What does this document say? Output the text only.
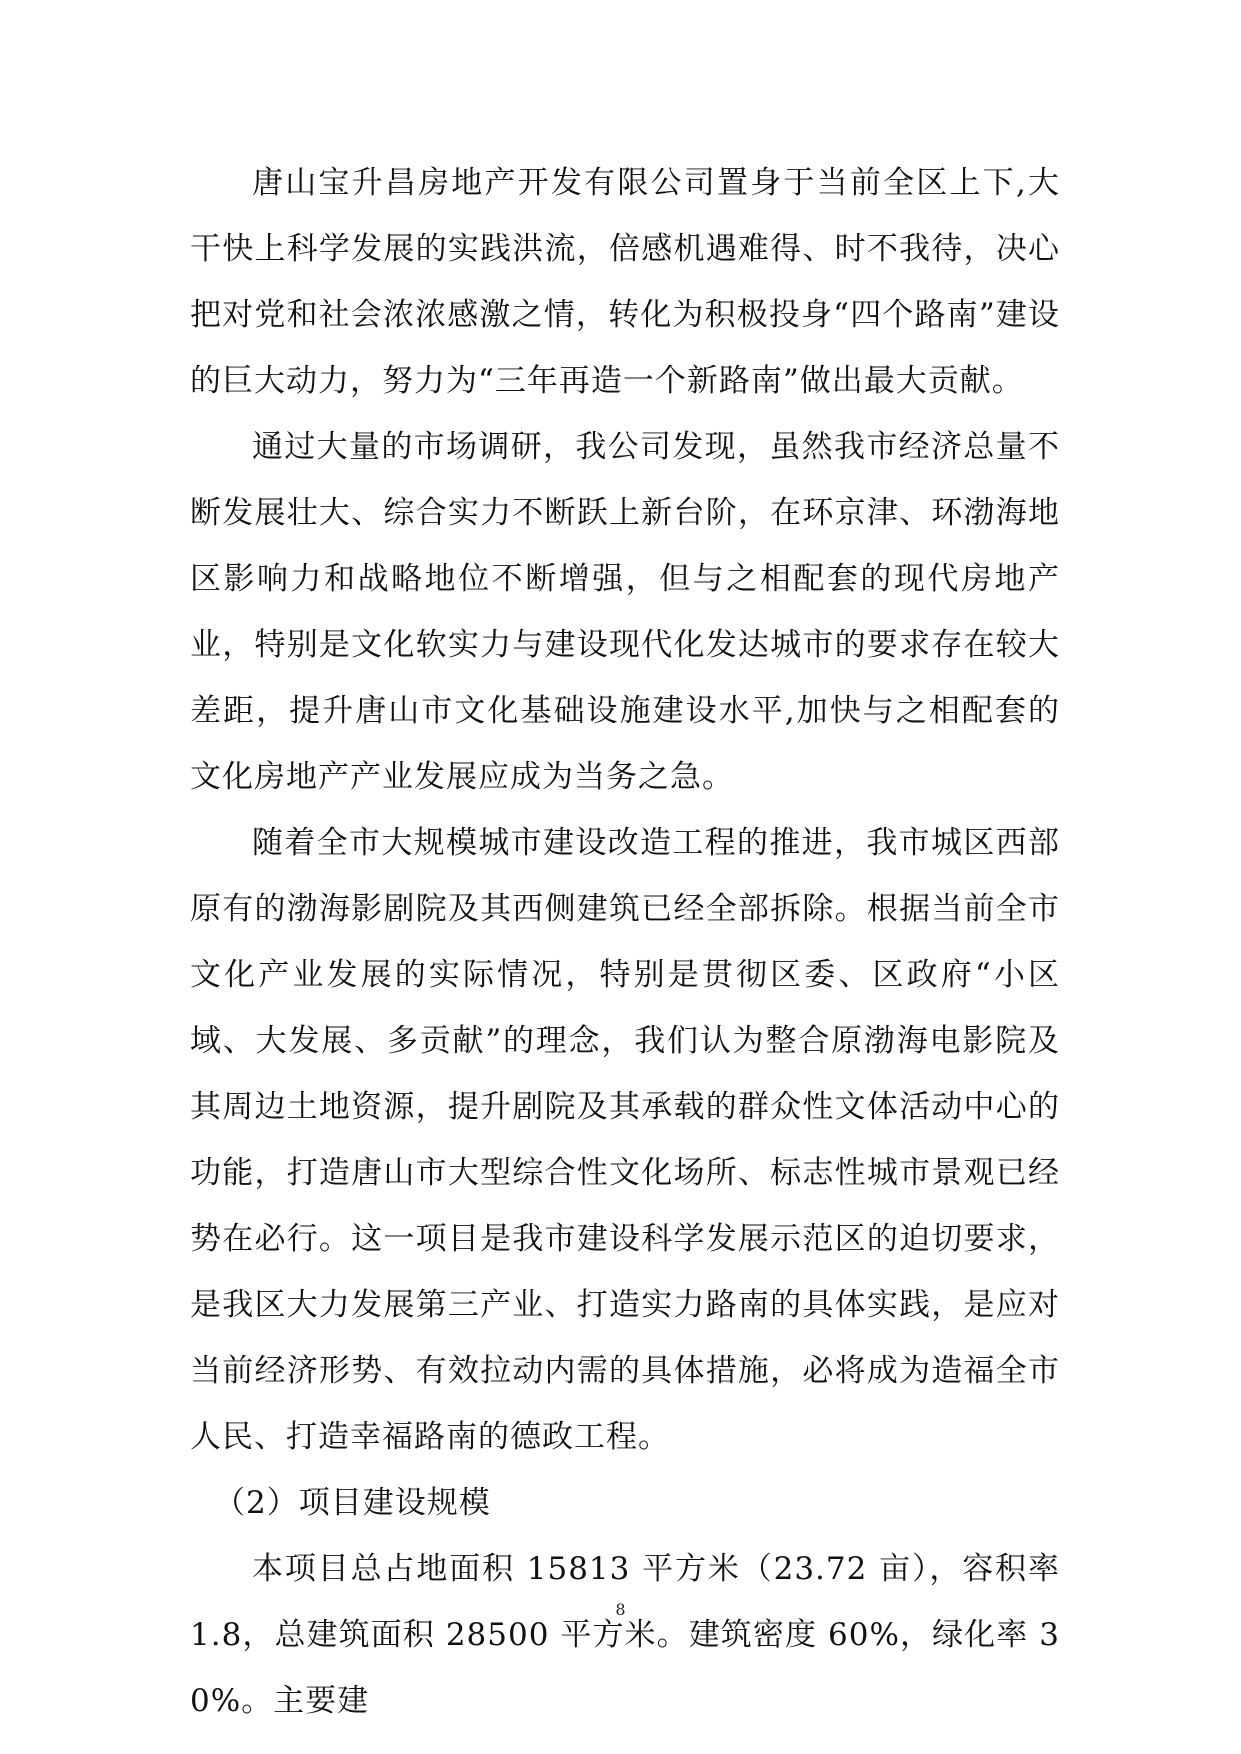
唐山宝升昌房地产开发有限公司置身于当前全区上下,大干快上科学发展的实践洪流，倍感机遇难得、时不我待，决心把对党和社会浓浓感激之情，转化为积极投身“四个路南”建设的巨大动力，努力为“三年再造一个新路南”做出最大贡献。

通过大量的市场调研，我公司发现，虽然我市经济总量不断发展壮大、综合实力不断跃上新台阶，在环京津、环渤海地区影响力和战略地位不断增强，但与之相配套的现代房地产业，特别是文化软实力与建设现代化发达城市的要求存在较大差距，提升唐山市文化基础设施建设水平,加快与之相配套的文化房地产产业发展应成为当务之急。

随着全市大规模城市建设改造工程的推进，我市城区西部原有的渤海影剧院及其西侧建筑已经全部拆除。根据当前全市文化产业发展的实际情况，特别是贯彻区委、区政府“小区域、大发展、多贡献”的理念，我们认为整合原渤海电影院及其周边土地资源，提升剧院及其承载的群众性文体活动中心的功能，打造唐山市大型综合性文化场所、标志性城市景观已经势在必行。这一项目是我市建设科学发展示范区的迫切要求，是我区大力发展第三产业、打造实力路南的具体实践，是应对当前经济形势、有效拉动内需的具体措施，必将成为造福全市人民、打造幸福路南的德政工程。

（2）项目建设规模

本项目总占地面积 15813 平方米（23.72 亩），容积率 1.8，总建筑面积 28500 平方米。建筑密度 60%，绿化率 30%。主要建

8
